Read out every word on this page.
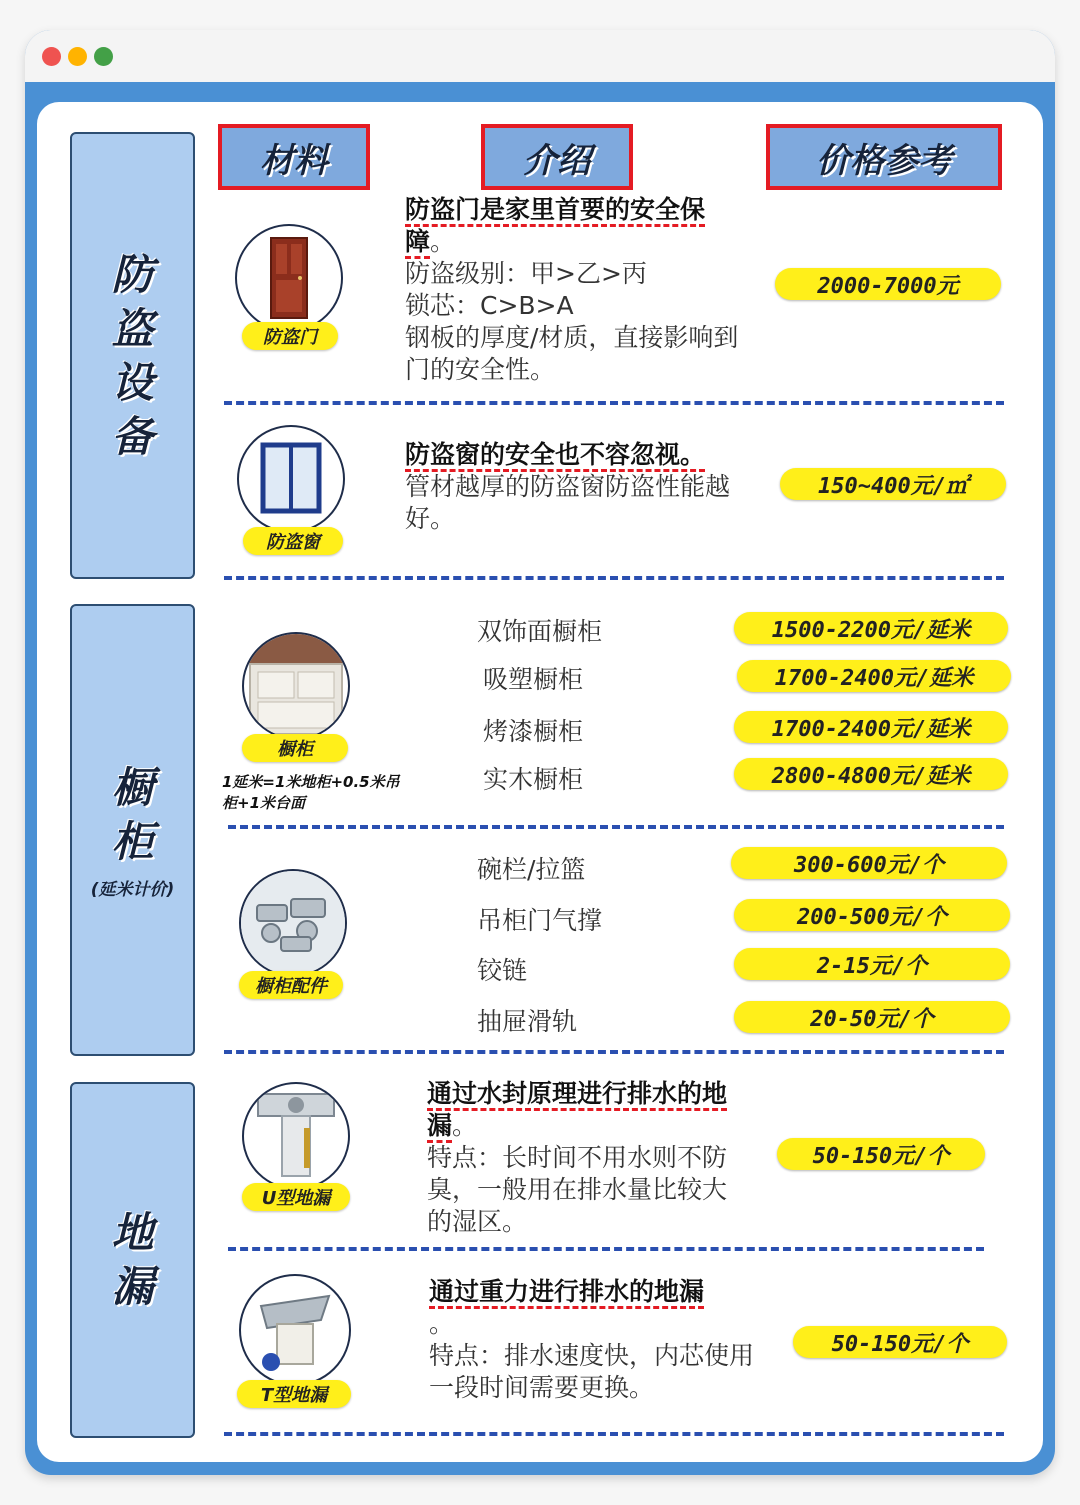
防
盗
设
备
橱
柜
(延米计价)
地
漏
材料	介绍	价格参考
防盗门
防盗门是家里首要的安全保障。
防盗级别：甲>乙>丙
锁芯：C>B>A
钢板的厚度/材质，直接影响到门的安全性。
2000-7000元
防盗窗
防盗窗的安全也不容忽视。
管材越厚的防盗窗防盗性能越好。
150~400元/㎡
橱柜
1延米=1米地柜+0.5米吊柜+1米台面
双饰面橱柜
吸塑橱柜
烤漆橱柜
实木橱柜
1500-2200元/延米
1700-2400元/延米
1700-2400元/延米
2800-4800元/延米
橱柜配件
碗栏/拉篮
吊柜门气撑
铰链
抽屉滑轨
300-600元/个
200-500元/个
2-15元/个
20-50元/个
U型地漏
通过水封原理进行排水的地漏。
特点：长时间不用水则不防臭，一般用在排水量比较大的湿区。
50-150元/个
T型地漏
通过重力进行排水的地漏
。
特点：排水速度快，内芯使用一段时间需要更换。
50-150元/个
